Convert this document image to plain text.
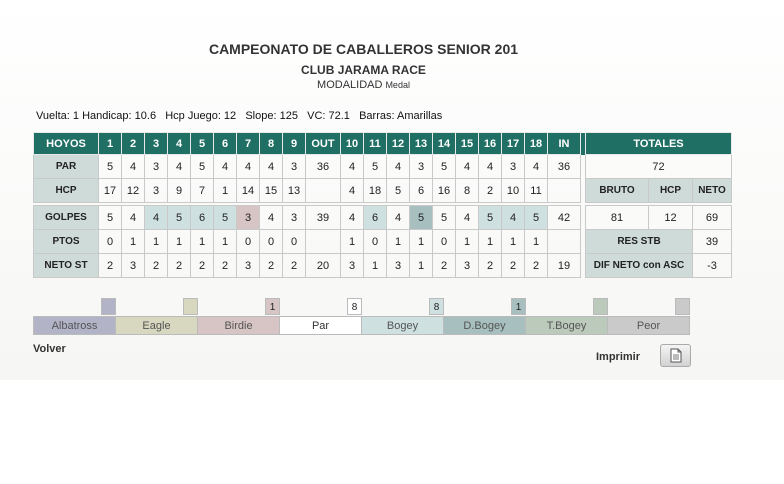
CAMPEONATO DE CABALLEROS SENIOR 201
CLUB JARAMA RACE
MODALIDAD Medal
Vuelta: 1 Handicap: 10.6   Hcp Juego: 12   Slope: 125   VC: 72.1   Barras: Amarillas
HOYOS	1	2	3	4	5	6	7	8	9	OUT	10	11	12	13	14	15	16	17	18	IN		TOTALES		
PAR	5	4	3	4	5	4	4	4	3	36	4	5	4	3	5	4	4	3	4	36		72		
HCP	17	12	3	9	7	1	14	15	13		4	18	5	6	16	8	2	10	11			BRUTO	HCP	NETO

GOLPES	5	4	4	5	6	5	3	4	3	39	4	6	4	5	5	4	5	4	5	42		81	12	69
PTOS	0	1	1	1	1	1	0	0	0		1	0	1	1	0	1	1	1	1			RES STB		39
NETO ST	2	3	2	2	2	2	3	2	2	20	3	1	3	1	2	3	2	2	2	19		DIF NETO con ASC		-3
Albatross	Eagle	Birdie
1
Par
8
Bogey
8
D.Bogey
1
T.Bogey	Peor
Volver
Imprimir
